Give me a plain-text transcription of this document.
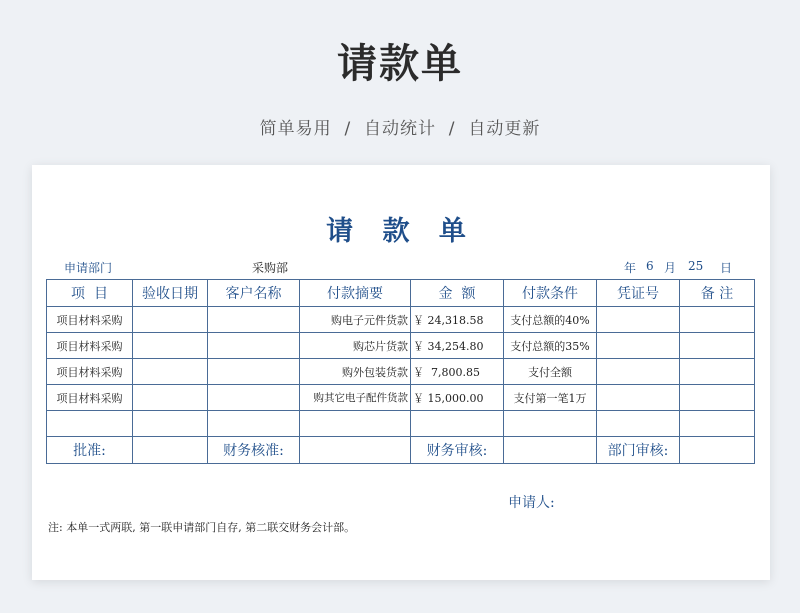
请款单
简单易用  /  自动统计  /  自动更新
请 款 单
申请部门	采购部	年 6 月 25 日
项  目	验收日期	客户名称	付款摘要	金  额	付款条件	凭证号	备 注
项目材料采购			购电子元件货款	￥ 24,318.58	支付总额的40%		
项目材料采购			购芯片货款	￥ 34,254.80	支付总额的35%		
项目材料采购			购外包装货款	￥  7,800.85	支付全额		
项目材料采购			购其它电子配件货款	￥ 15,000.00	支付第一笔1万		

批准:		财务核准:		财务审核:		部门审核:	
申请人:
注: 本单一式两联, 第一联申请部门自存, 第二联交财务会计部。
